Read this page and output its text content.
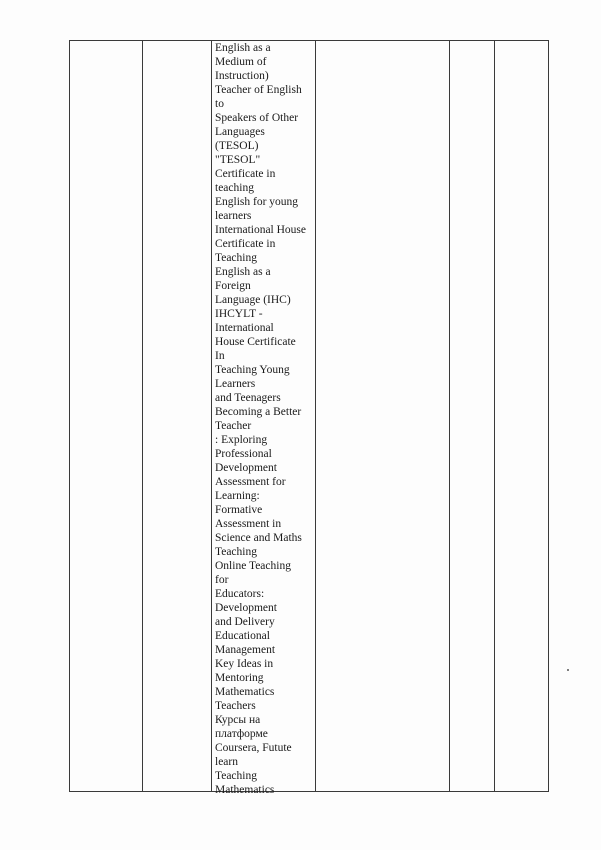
English as a
Medium of
Instruction)
Teacher of English
to
Speakers of Other
Languages
(TESOL)
"TESOL"
Certificate in
teaching
English for young
learners
International House
Certificate in
Teaching
English as a
Foreign
Language (IHC)
IHCYLT -
International
House Certificate
In
Teaching Young
Learners
and Teenagers
Becoming a Better
Teacher
: Exploring
Professional
Development
Assessment for
Learning:
Formative
Assessment in
Science and Maths
Teaching
Online Teaching
for
Educators:
Development
and Delivery
Educational
Management
Key Ideas in
Mentoring
Mathematics
Teachers
Курсы на
платформе
Coursera, Futute
learn
Teaching
Mathematics
